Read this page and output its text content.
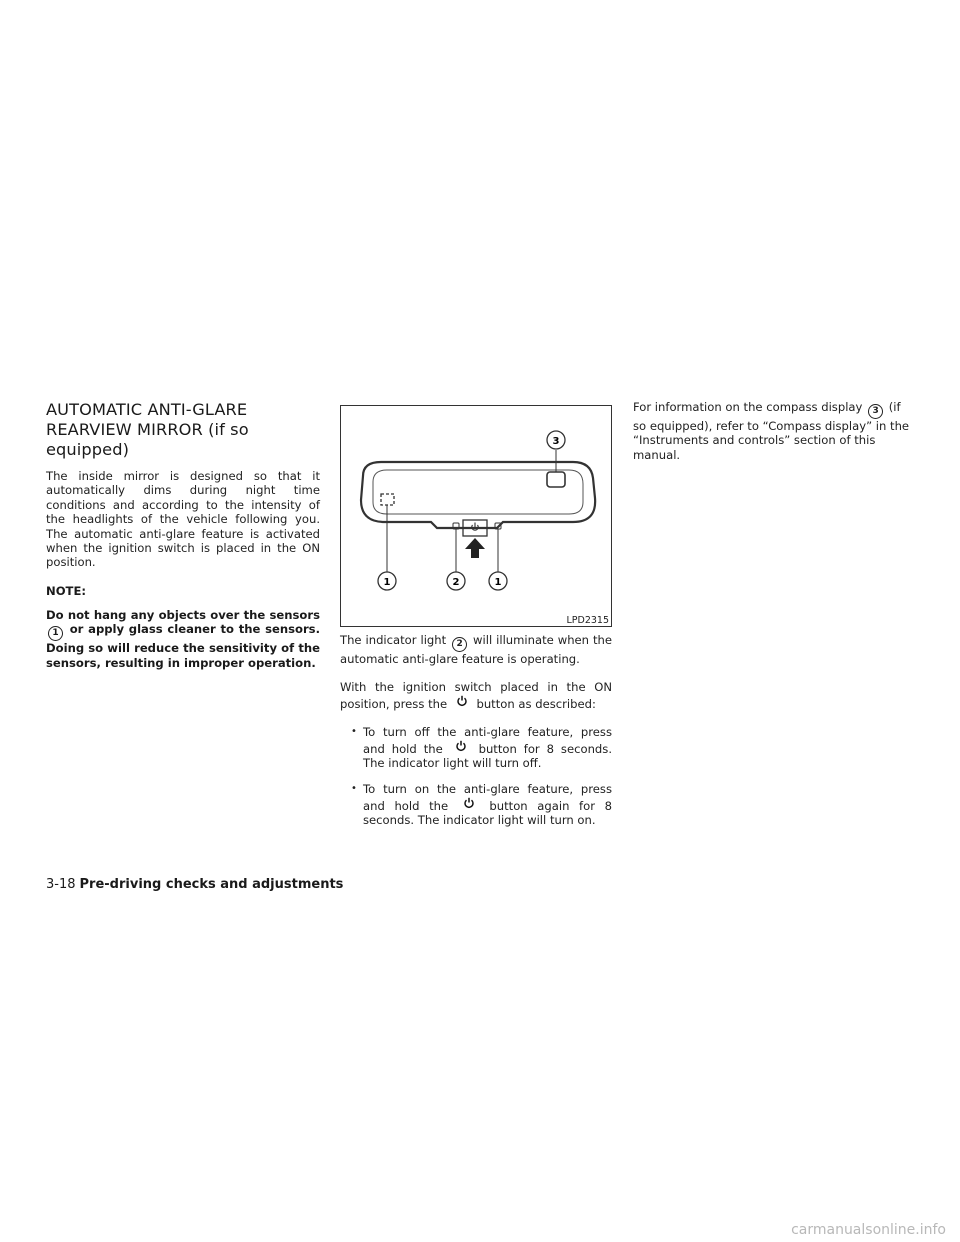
AUTOMATIC ANTI-GLARE
REARVIEW MIRROR (if so equipped)

The inside mirror is designed so that it automatically dims during night time conditions and according to the intensity of the headlights of the vehicle following you. The automatic anti-glare feature is activated when the ignition switch is placed in the ON position.

NOTE:

Do not hang any objects over the sensors 1 or apply glass cleaner to the sensors. Doing so will reduce the sensitivity of the sensors, resulting in improper operation.

1	2	1
3
LPD2315

The indicator light 2 will illuminate when the automatic anti-glare feature is operating.

With the ignition switch placed in the ON position, press the	button as described:

• To turn off the anti-glare feature, press and hold the	button for 8 seconds. The indicator light will turn off.
• To turn on the anti-glare feature, press and hold the	button again for 8 seconds. The indicator light will turn on.

For information on the compass display 3 (if so equipped), refer to “Compass display” in the “Instruments and controls” section of this manual.

3-18 Pre-driving checks and adjustments
carmanualsonline.info
